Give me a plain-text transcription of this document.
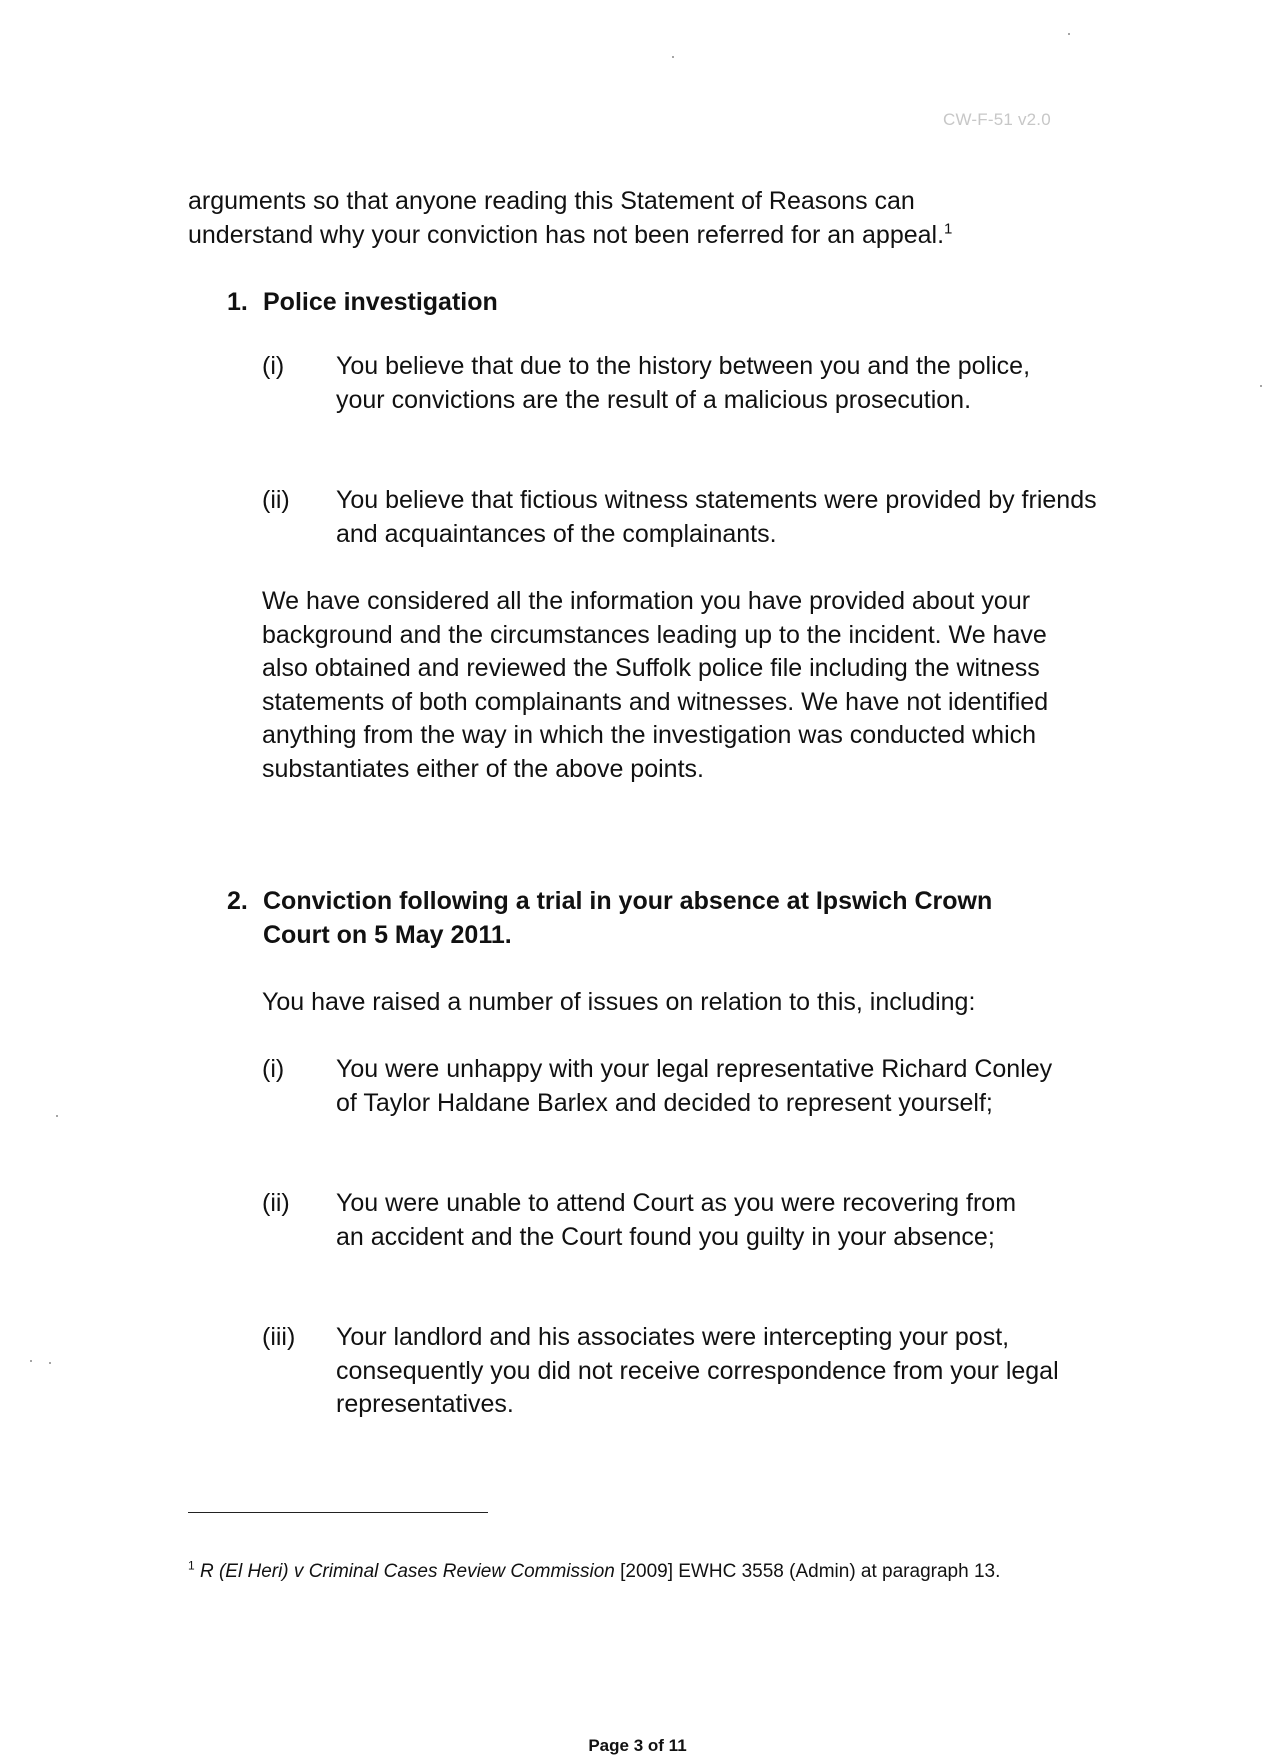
CW-F-51 v2.0
arguments so that anyone reading this Statement of Reasons can
understand why your conviction has not been referred for an appeal.$^1$
1. Police investigation
(i) You believe that due to the history between you and the police, your convictions are the result of a malicious prosecution.
(ii) You believe that fictious witness statements were provided by friends and acquaintances of the complainants.
We have considered all the information you have provided about your background and the circumstances leading up to the incident. We have also obtained and reviewed the Suffolk police file including the witness statements of both complainants and witnesses. We have not identified anything from the way in which the investigation was conducted which substantiates either of the above points.
2. Conviction following a trial in your absence at Ipswich Crown
Court on 5 May 2011.
You have raised a number of issues on relation to this, including:
(i) You were unhappy with your legal representative Richard Conley of Taylor Haldane Barlex and decided to represent yourself;
(ii) You were unable to attend Court as you were recovering from an accident and the Court found you guilty in your absence;
(iii) Your landlord and his associates were intercepting your post, consequently you did not receive correspondence from your legal representatives.
$^1$ R (El Heri) v Criminal Cases Review Commission [2009] EWHC 3558 (Admin) at paragraph 13.
Page 3 of 11
